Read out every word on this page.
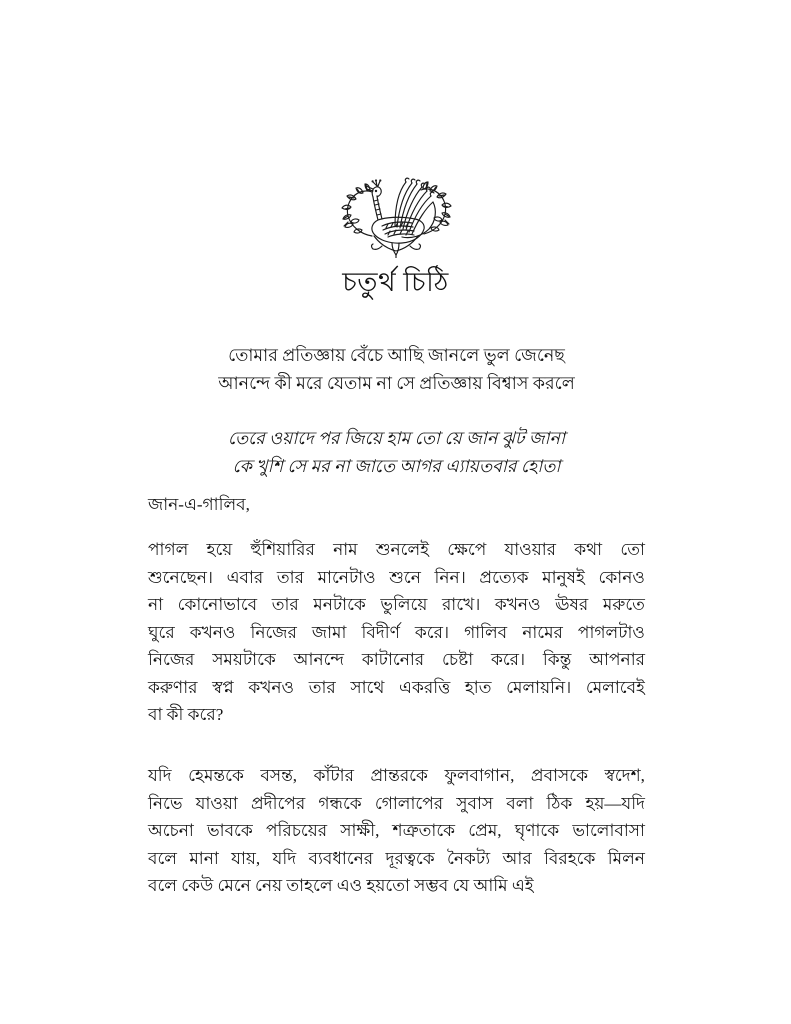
চতুর্থ চিঠি
তোমার প্রতিজ্ঞায় বেঁচে আছি জানলে ভুল জেনেছ
আনন্দে কী মরে যেতাম না সে প্রতিজ্ঞায় বিশ্বাস করলে
তেরে ওয়াদে পর জিয়ে হাম তো য়ে জান ঝুট জানা
কে খুশি সে মর না জাতে আগর এ্যায়তবার হোতা
জান-এ-গালিব,

পাগল হয়ে হুঁশিয়ারির নাম শুনলেই ক্ষেপে যাওয়ার কথা তো
শুনেছেন। এবার তার মানেটাও শুনে নিন। প্রত্যেক মানুষই কোনও
না কোনোভাবে তার মনটাকে ভুলিয়ে রাখে। কখনও ঊষর মরুতে
ঘুরে কখনও নিজের জামা বিদীর্ণ করে। গালিব নামের পাগলটাও
নিজের সময়টাকে আনন্দে কাটানোর চেষ্টা করে। কিন্তু আপনার
করুণার স্বপ্ন কখনও তার সাথে একরত্তি হাত মেলায়নি। মেলাবেই
বা কী করে?

যদি হেমন্তকে বসন্ত, কাঁটার প্রান্তরকে ফুলবাগান, প্রবাসকে স্বদেশ,
নিভে যাওয়া প্রদীপের গন্ধকে গোলাপের সুবাস বলা ঠিক হয়—যদি
অচেনা ভাবকে পরিচয়ের সাক্ষী, শত্রুতাকে প্রেম, ঘৃণাকে ভালোবাসা
বলে মানা যায়, যদি ব্যবধানের দূরত্বকে নৈকট্য আর বিরহকে মিলন
বলে কেউ মেনে নেয় তাহলে এও হয়তো সম্ভব যে আমি এই
